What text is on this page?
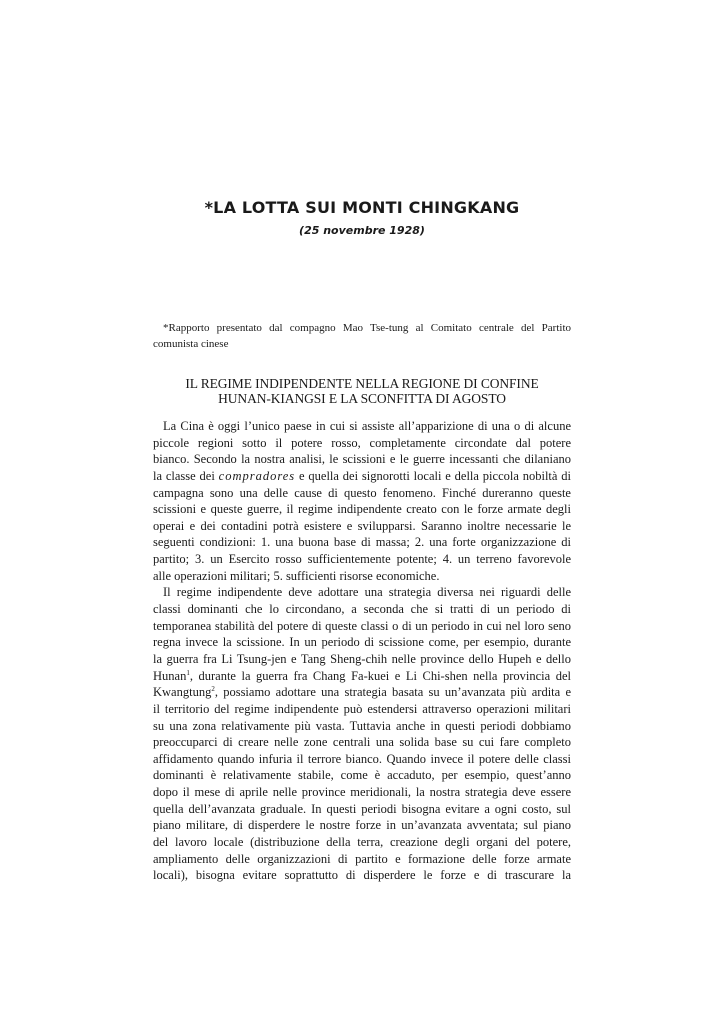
*LA LOTTA SUI MONTI CHINGKANG
(25 novembre 1928)
*Rapporto presentato dal compagno Mao Tse-tung al Comitato centrale del Partito
comunista cinese
IL REGIME INDIPENDENTE NELLA REGIONE DI CONFINE
HUNAN-KIANGSI E LA SCONFITTA DI AGOSTO
La Cina è oggi l’unico paese in cui si assiste all’apparizione di una o di alcune
piccole regioni sotto il potere rosso, completamente circondate dal potere
bianco. Secondo la nostra analisi, le scissioni e le guerre incessanti che dilaniano
la classe dei compradores e quella dei signorotti locali e della piccola nobiltà di
campagna sono una delle cause di questo fenomeno. Finché dureranno queste
scissioni e queste guerre, il regime indipendente creato con le forze armate degli
operai e dei contadini potrà esistere e svilupparsi. Saranno inoltre necessarie le
seguenti condizioni: 1. una buona base di massa; 2. una forte organizzazione di
partito; 3. un Esercito rosso sufficientemente potente; 4. un terreno favorevole
alle operazioni militari; 5. sufficienti risorse economiche.
Il regime indipendente deve adottare una strategia diversa nei riguardi delle
classi dominanti che lo circondano, a seconda che si tratti di un periodo di
temporanea stabilità del potere di queste classi o di un periodo in cui nel loro seno
regna invece la scissione. In un periodo di scissione come, per esempio, durante
la guerra fra Li Tsung-jen e Tang Sheng-chih nelle province dello Hupeh e dello
Hunan$^1$, durante la guerra fra Chang Fa-kuei e Li Chi-shen nella provincia del
Kwangtung$^2$, possiamo adottare una strategia basata su un’avanzata più ardita e
il territorio del regime indipendente può estendersi attraverso operazioni militari
su una zona relativamente più vasta. Tuttavia anche in questi periodi dobbiamo
preoccuparci di creare nelle zone centrali una solida base su cui fare completo
affidamento quando infuria il terrore bianco. Quando invece il potere delle classi
dominanti è relativamente stabile, come è accaduto, per esempio, quest’anno
dopo il mese di aprile nelle province meridionali, la nostra strategia deve essere
quella dell’avanzata graduale. In questi periodi bisogna evitare a ogni costo, sul
piano militare, di disperdere le nostre forze in un’avanzata avventata; sul piano
del lavoro locale (distribuzione della terra, creazione degli organi del potere,
ampliamento delle organizzazioni di partito e formazione delle forze armate
locali), bisogna evitare soprattutto di disperdere le forze e di trascurare la
